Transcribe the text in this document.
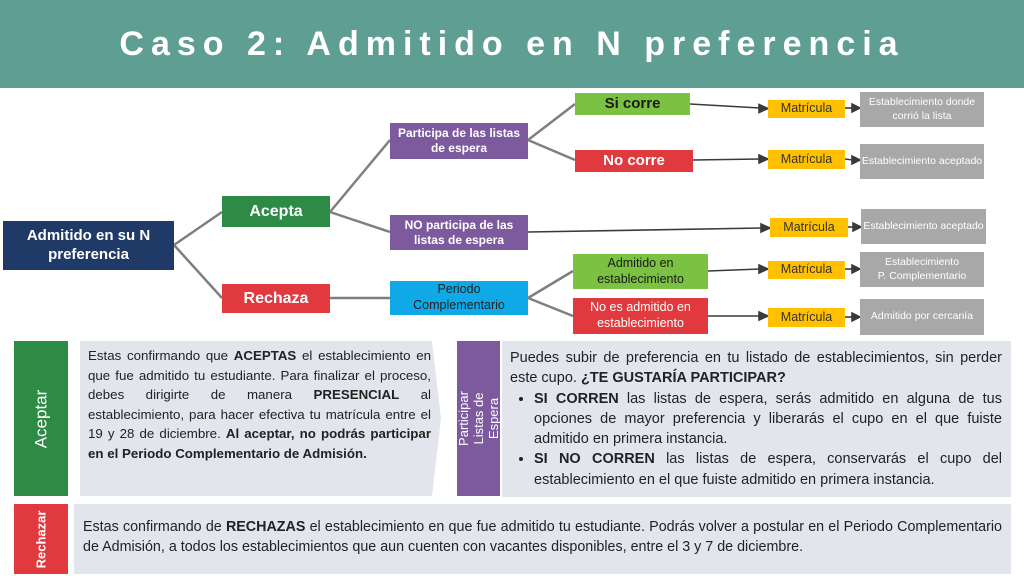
Caso 2: Admitido en N preferencia
Admitido en su N preferencia
Acepta
Rechaza
Participa de las listas de espera
NO participa de las listas de espera
Periodo Complementario
Si corre
No corre
Admitido en establecimiento
No es admitido en establecimiento
Matrícula
Matrícula
Matrícula
Matrícula
Matrícula
Establecimiento donde corrió la lista
Establecimiento aceptado
Establecimiento aceptado
Establecimiento
P. Complementario
Admitido por cercanía
Aceptar
Estas confirmando que ACEPTAS el establecimiento en que fue admitido tu estudiante. Para finalizar el proceso, debes dirigirte de manera PRESENCIAL al establecimiento, para hacer efectiva tu matrícula entre el 19 y 28 de diciembre. Al aceptar, no podrás participar en el Periodo Complementario de Admisión.
Participar Listas de Espera
Puedes subir de preferencia en tu listado de establecimientos, sin perder este cupo. ¿TE GUSTARÍA PARTICIPAR?
• SI CORREN las listas de espera, serás admitido en alguna de tus opciones de mayor preferencia y liberarás el cupo en el que fuiste admitido en primera instancia.
• SI NO CORREN las listas de espera, conservarás el cupo del establecimiento en el que fuiste admitido en primera instancia.
Rechazar Estas confirmando de RECHAZAS el establecimiento en que fue admitido tu estudiante. Podrás volver a postular en el Periodo Complementario de Admisión, a todos los establecimientos que aun cuenten con vacantes disponibles, entre el 3 y 7 de diciembre.
